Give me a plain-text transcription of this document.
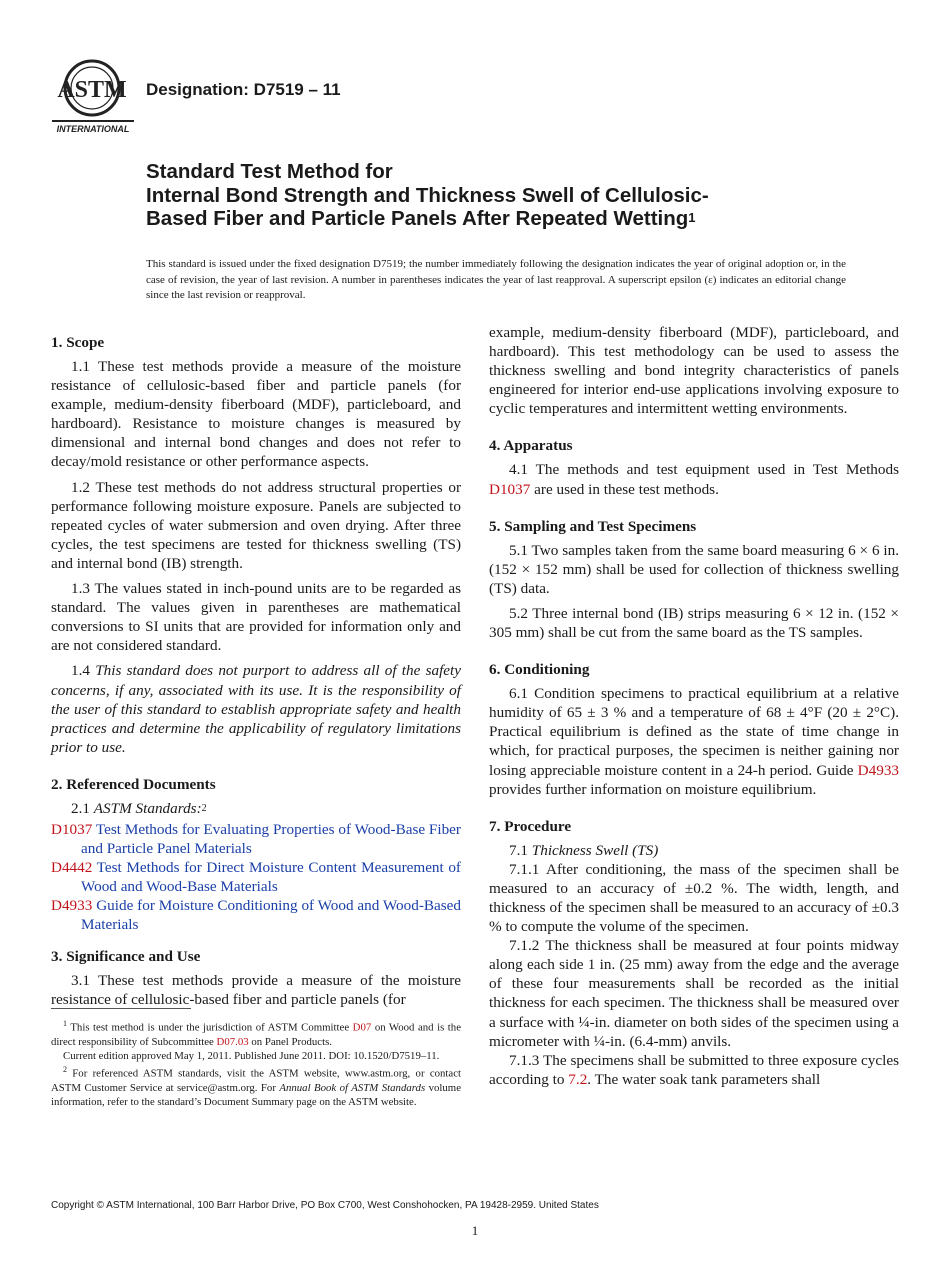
ASTM
INTERNATIONAL
Designation: D7519 – 11
Standard Test Method for
Internal Bond Strength and Thickness Swell of Cellulosic-
Based Fiber and Particle Panels After Repeated Wetting$^1$
This standard is issued under the fixed designation D7519; the number immediately following the designation indicates the year of original adoption or, in the case of revision, the year of last revision. A number in parentheses indicates the year of last reapproval. A superscript epsilon (ε) indicates an editorial change since the last revision or reapproval.
1. Scope

1.1 These test methods provide a measure of the moisture resistance of cellulosic-based fiber and particle panels (for example, medium-density fiberboard (MDF), particleboard, and hardboard). Resistance to moisture changes is measured by dimensional and internal bond changes and does not refer to decay/mold resistance or other performance aspects.

1.2 These test methods do not address structural properties or performance following moisture exposure. Panels are subjected to repeated cycles of water submersion and oven drying. After three cycles, the test specimens are tested for thickness swelling (TS) and internal bond (IB) strength.

1.3 The values stated in inch-pound units are to be regarded as standard. The values given in parentheses are mathematical conversions to SI units that are provided for information only and are not considered standard.

1.4 This standard does not purport to address all of the safety concerns, if any, associated with its use. It is the responsibility of the user of this standard to establish appropriate safety and health practices and determine the applicability of regulatory limitations prior to use.

2. Referenced Documents

2.1 ASTM Standards:$^2$

D1037 Test Methods for Evaluating Properties of Wood-Base Fiber and Particle Panel Materials

D4442 Test Methods for Direct Moisture Content Measurement of Wood and Wood-Base Materials

D4933 Guide for Moisture Conditioning of Wood and Wood-Based Materials

3. Significance and Use

3.1 These test methods provide a measure of the moisture resistance of cellulosic-based fiber and particle panels (for

$^1$ This test method is under the jurisdiction of ASTM Committee D07 on Wood and is the direct responsibility of Subcommittee D07.03 on Panel Products.

Current edition approved May 1, 2011. Published June 2011. DOI: 10.1520/D7519–11.

$^2$ For referenced ASTM standards, visit the ASTM website, www.astm.org, or contact ASTM Customer Service at service@astm.org. For Annual Book of ASTM Standards volume information, refer to the standard’s Document Summary page on the ASTM website.

example, medium-density fiberboard (MDF), particleboard, and hardboard). This test methodology can be used to assess the thickness swelling and bond integrity characteristics of panels engineered for interior end-use applications involving exposure to cyclic temperatures and intermittent wetting environments.

4. Apparatus

4.1 The methods and test equipment used in Test Methods D1037 are used in these test methods.

5. Sampling and Test Specimens

5.1 Two samples taken from the same board measuring 6 × 6 in. (152 × 152 mm) shall be used for collection of thickness swelling (TS) data.

5.2 Three internal bond (IB) strips measuring 6 × 12 in. (152 × 305 mm) shall be cut from the same board as the TS samples.

6. Conditioning

6.1 Condition specimens to practical equilibrium at a relative humidity of 65 ± 3 % and a temperature of 68 ± 4°F (20 ± 2°C). Practical equilibrium is defined as the state of time change in which, for practical purposes, the specimen is neither gaining nor losing appreciable moisture content in a 24-h period. Guide D4933 provides further information on moisture equilibrium.

7. Procedure

7.1 Thickness Swell (TS)

7.1.1 After conditioning, the mass of the specimen shall be measured to an accuracy of ±0.2 %. The width, length, and thickness of the specimen shall be measured to an accuracy of ±0.3 % to compute the volume of the specimen.

7.1.2 The thickness shall be measured at four points midway along each side 1 in. (25 mm) away from the edge and the average of these four measurements shall be recorded as the initial thickness for each specimen. The thickness shall be measured over a surface with ¼-in. diameter on both sides of the specimen using a micrometer with ¼-in. (6.4-mm) anvils.

7.1.3 The specimens shall be submitted to three exposure cycles according to 7.2. The water soak tank parameters shall

Copyright © ASTM International, 100 Barr Harbor Drive, PO Box C700, West Conshohocken, PA 19428-2959. United States
1
